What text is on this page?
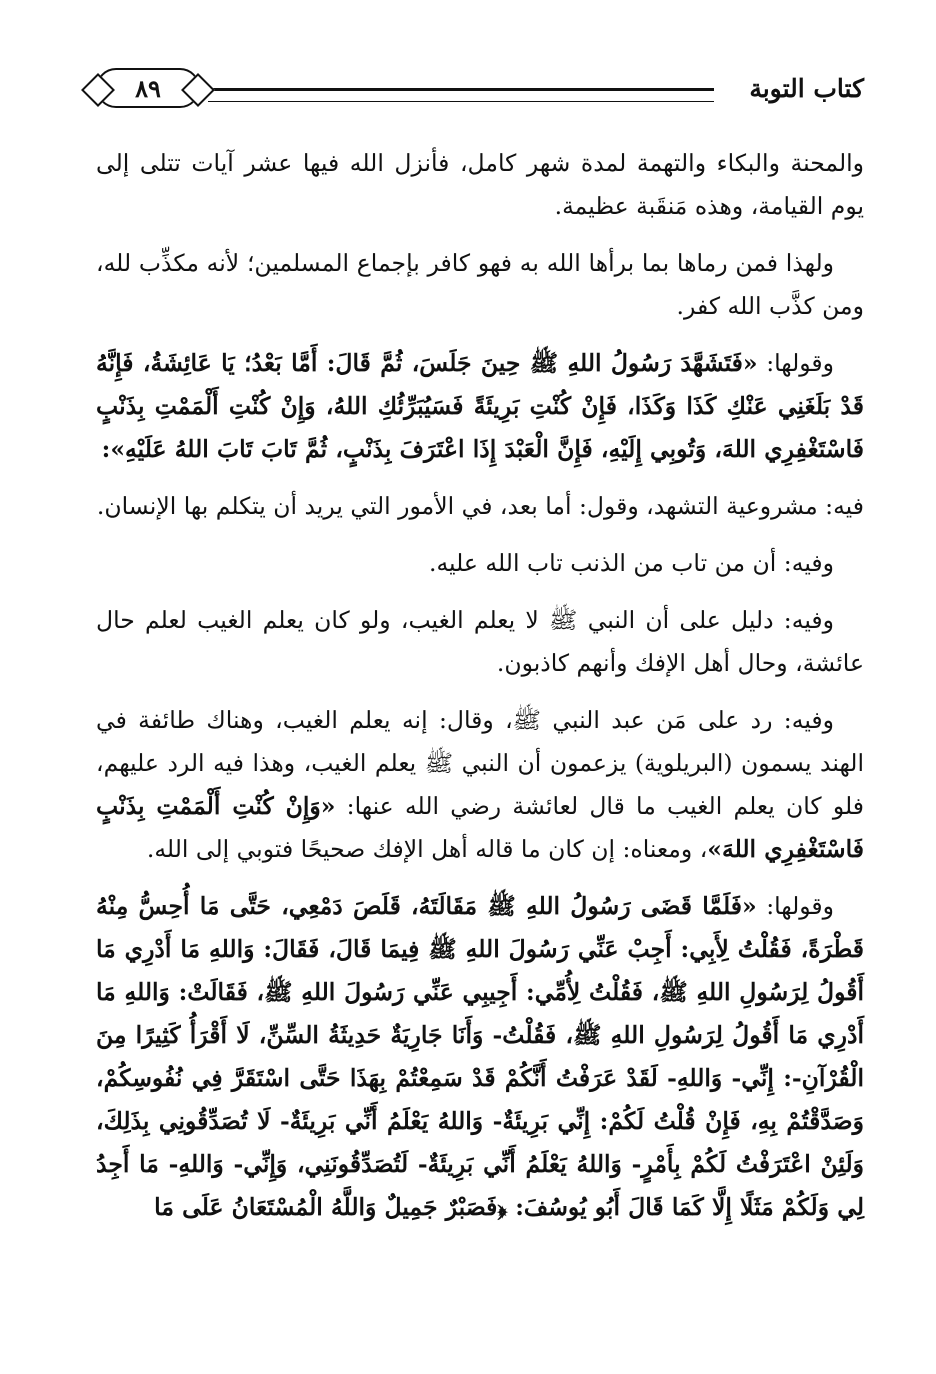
كتاب التوبة
٨٩

والمحنة والبكاء والتهمة لمدة شهر كامل، فأنزل الله فيها عشر آيات تتلى إلى يوم القيامة، وهذه مَنقَبة عظيمة.

ولهذا فمن رماها بما برأها الله به فهو كافر بإجماع المسلمين؛ لأنه مكذِّب لله، ومن كذَّب الله كفر.

وقولها: «فَتَشَهَّدَ رَسُولُ اللهِ ﷺ حِينَ جَلَسَ، ثُمَّ قَالَ: أَمَّا بَعْدُ؛ يَا عَائِشَةُ، فَإِنَّهُ قَدْ بَلَغَنِي عَنْكِ كَذَا وَكَذَا، فَإِنْ كُنْتِ بَرِيئَةً فَسَيُبَرِّئُكِ اللهُ، وَإِنْ كُنْتِ أَلْمَمْتِ بِذَنْبٍ فَاسْتَغْفِرِي اللهَ، وَتُوبِي إِلَيْهِ، فَإِنَّ الْعَبْدَ إِذَا اعْتَرَفَ بِذَنْبٍ، ثُمَّ تَابَ تَابَ اللهُ عَلَيْهِ»:

فيه: مشروعية التشهد، وقول: أما بعد، في الأمور التي يريد أن يتكلم بها الإنسان.

وفيه: أن من تاب من الذنب تاب الله عليه.

وفيه: دليل على أن النبي ﷺ لا يعلم الغيب، ولو كان يعلم الغيب لعلم حال عائشة، وحال أهل الإفك وأنهم كاذبون.

وفيه: رد على مَن عبد النبي ﷺ، وقال: إنه يعلم الغيب، وهناك طائفة في الهند يسمون (البريلوية) يزعمون أن النبي ﷺ يعلم الغيب، وهذا فيه الرد عليهم، فلو كان يعلم الغيب ما قال لعائشة رضي الله عنها: «وَإِنْ كُنْتِ أَلْمَمْتِ بِذَنْبٍ فَاسْتَغْفِرِي اللهَ»، ومعناه: إن كان ما قاله أهل الإفك صحيحًا فتوبي إلى الله.

وقولها: «فَلَمَّا قَضَى رَسُولُ اللهِ ﷺ مَقَالَتَهُ، قَلَصَ دَمْعِي، حَتَّى مَا أُحِسُّ مِنْهُ قَطْرَةً، فَقُلْتُ لِأَبِي: أَجِبْ عَنِّي رَسُولَ اللهِ ﷺ فِيمَا قَالَ، فَقَالَ: وَاللهِ مَا أَدْرِي مَا أَقُولُ لِرَسُولِ اللهِ ﷺ، فَقُلْتُ لِأُمِّي: أَجِيبِي عَنِّي رَسُولَ اللهِ ﷺ، فَقَالَتْ: وَاللهِ مَا أَدْرِي مَا أَقُولُ لِرَسُولِ اللهِ ﷺ، فَقُلْتُ- وَأَنَا جَارِيَةٌ حَدِيثَةُ السِّنِّ، لَا أَقْرَأُ كَثِيرًا مِنَ الْقُرْآنِ-: إِنِّي- وَاللهِ- لَقَدْ عَرَفْتُ أَنَّكُمْ قَدْ سَمِعْتُمْ بِهَذَا حَتَّى اسْتَقَرَّ فِي نُفُوسِكُمْ، وَصَدَّقْتُمْ بِهِ، فَإِنْ قُلْتُ لَكُمْ: إِنِّي بَرِيئَةٌ- وَاللهُ يَعْلَمُ أَنِّي بَرِيئَةٌ- لَا تُصَدِّقُونِي بِذَلِكَ، وَلَئِنْ اعْتَرَفْتُ لَكُمْ بِأَمْرٍ- وَاللهُ يَعْلَمُ أَنِّي بَرِيئَةٌ- لَتُصَدِّقُونَنِي، وَإِنِّي- وَاللهِ- مَا أَجِدُ لِي وَلَكُمْ مَثَلًا إِلَّا كَمَا قَالَ أَبُو يُوسُفَ: ﴿فَصَبْرٌ جَمِيلٌ وَاللَّهُ الْمُسْتَعَانُ عَلَى مَا
